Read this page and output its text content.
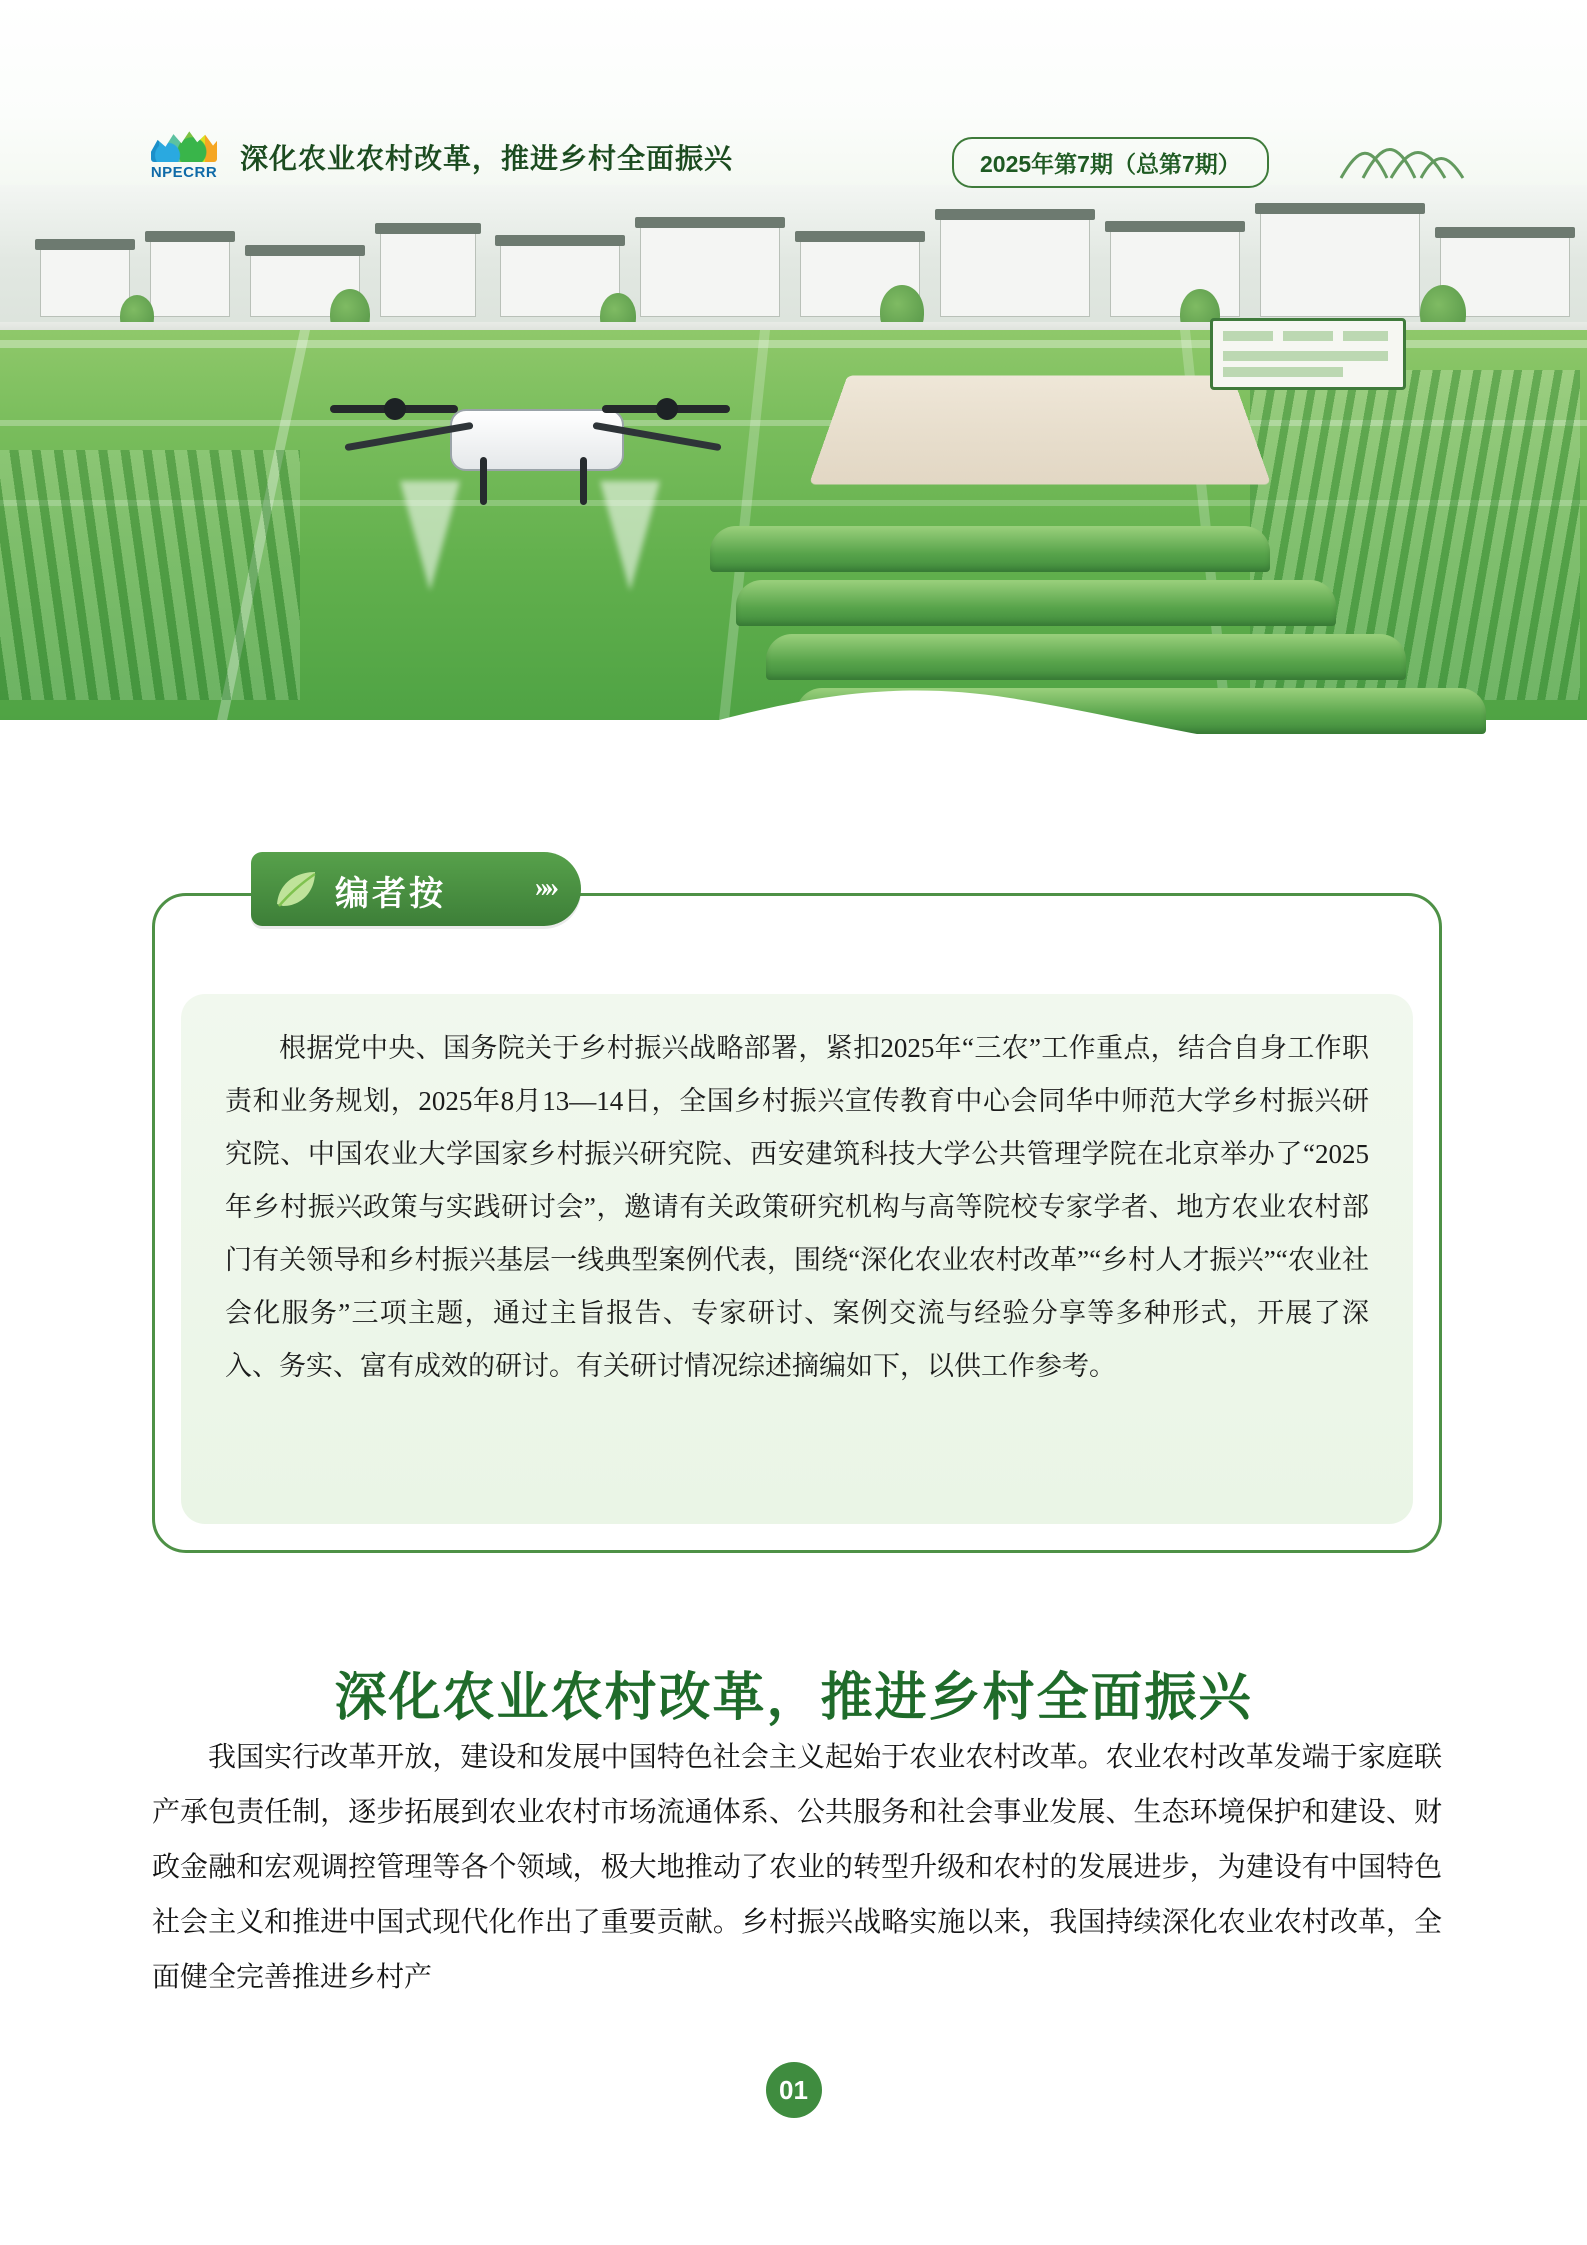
NPECRR 深化农业农村改革，推进乡村全面振兴	2025年第7期（总第7期）
编者按	»»

根据党中央、国务院关于乡村振兴战略部署，紧扣2025年“三农”工作重点，结合自身工作职责和业务规划，2025年8月13—14日，全国乡村振兴宣传教育中心会同华中师范大学乡村振兴研究院、中国农业大学国家乡村振兴研究院、西安建筑科技大学公共管理学院在北京举办了“2025年乡村振兴政策与实践研讨会”，邀请有关政策研究机构与高等院校专家学者、地方农业农村部门有关领导和乡村振兴基层一线典型案例代表，围绕“深化农业农村改革”“乡村人才振兴”“农业社会化服务”三项主题，通过主旨报告、专家研讨、案例交流与经验分享等多种形式，开展了深入、务实、富有成效的研讨。有关研讨情况综述摘编如下，以供工作参考。

深化农业农村改革，推进乡村全面振兴

我国实行改革开放，建设和发展中国特色社会主义起始于农业农村改革。农业农村改革发端于家庭联产承包责任制，逐步拓展到农业农村市场流通体系、公共服务和社会事业发展、生态环境保护和建设、财政金融和宏观调控管理等各个领域，极大地推动了农业的转型升级和农村的发展进步，为建设有中国特色社会主义和推进中国式现代化作出了重要贡献。乡村振兴战略实施以来，我国持续深化农业农村改革，全面健全完善推进乡村产

01
